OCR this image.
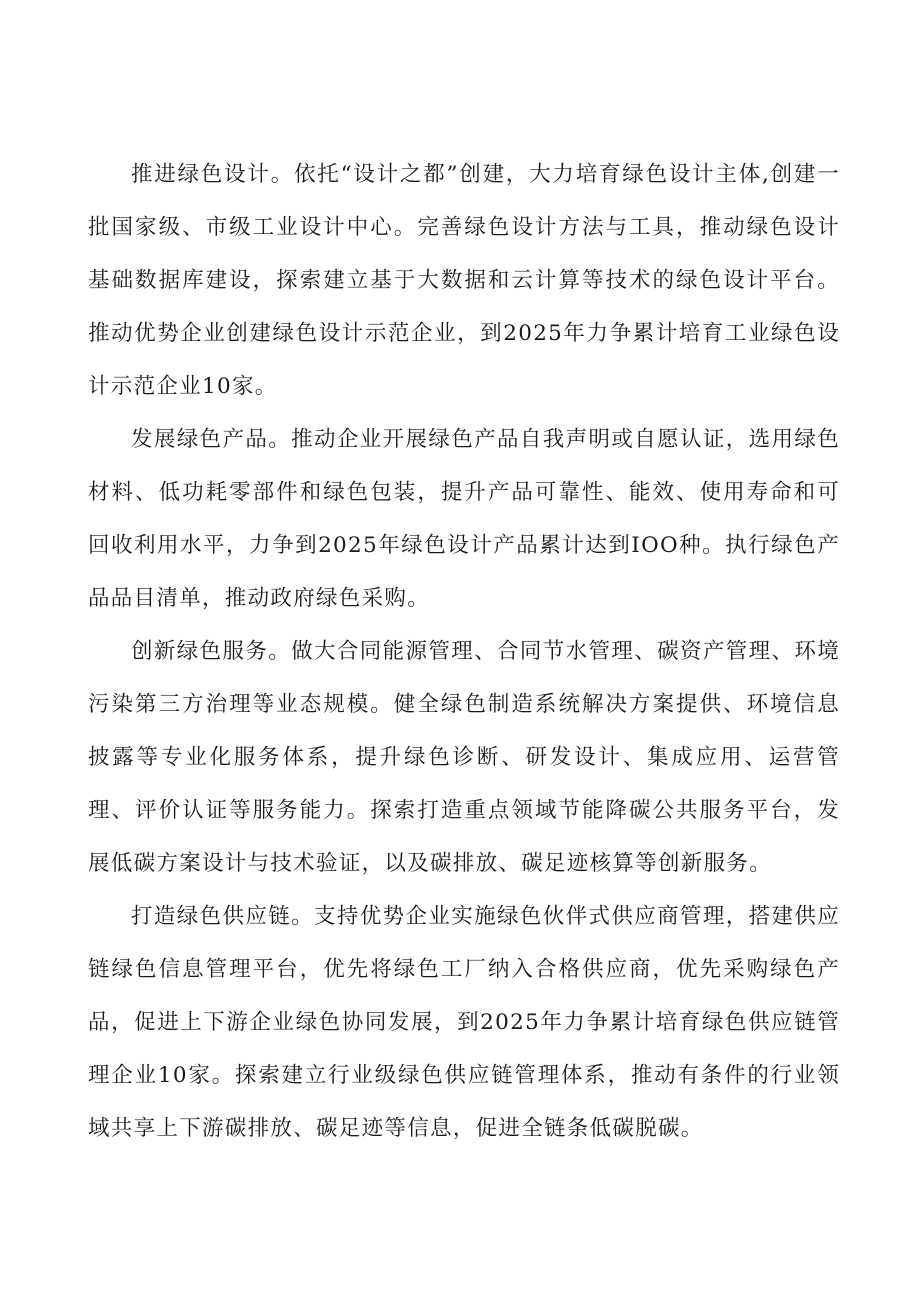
推进绿色设计。依托“设计之都”创建，大力培育绿色设计主体,创建一批国家级、市级工业设计中心。完善绿色设计方法与工具，推动绿色设计基础数据库建设，探索建立基于大数据和云计算等技术的绿色设计平台。推动优势企业创建绿色设计示范企业，到2025年力争累计培育工业绿色设计示范企业10家。

发展绿色产品。推动企业开展绿色产品自我声明或自愿认证，选用绿色材料、低功耗零部件和绿色包装，提升产品可靠性、能效、使用寿命和可回收利用水平，力争到2025年绿色设计产品累计达到IOO种。执行绿色产品品目清单，推动政府绿色采购。

创新绿色服务。做大合同能源管理、合同节水管理、碳资产管理、环境污染第三方治理等业态规模。健全绿色制造系统解决方案提供、环境信息披露等专业化服务体系，提升绿色诊断、研发设计、集成应用、运营管理、评价认证等服务能力。探索打造重点领域节能降碳公共服务平台，发展低碳方案设计与技术验证，以及碳排放、碳足迹核算等创新服务。

打造绿色供应链。支持优势企业实施绿色伙伴式供应商管理，搭建供应链绿色信息管理平台，优先将绿色工厂纳入合格供应商，优先采购绿色产品，促进上下游企业绿色协同发展，到2025年力争累计培育绿色供应链管理企业10家。探索建立行业级绿色供应链管理体系，推动有条件的行业领域共享上下游碳排放、碳足迹等信息，促进全链条低碳脱碳。
